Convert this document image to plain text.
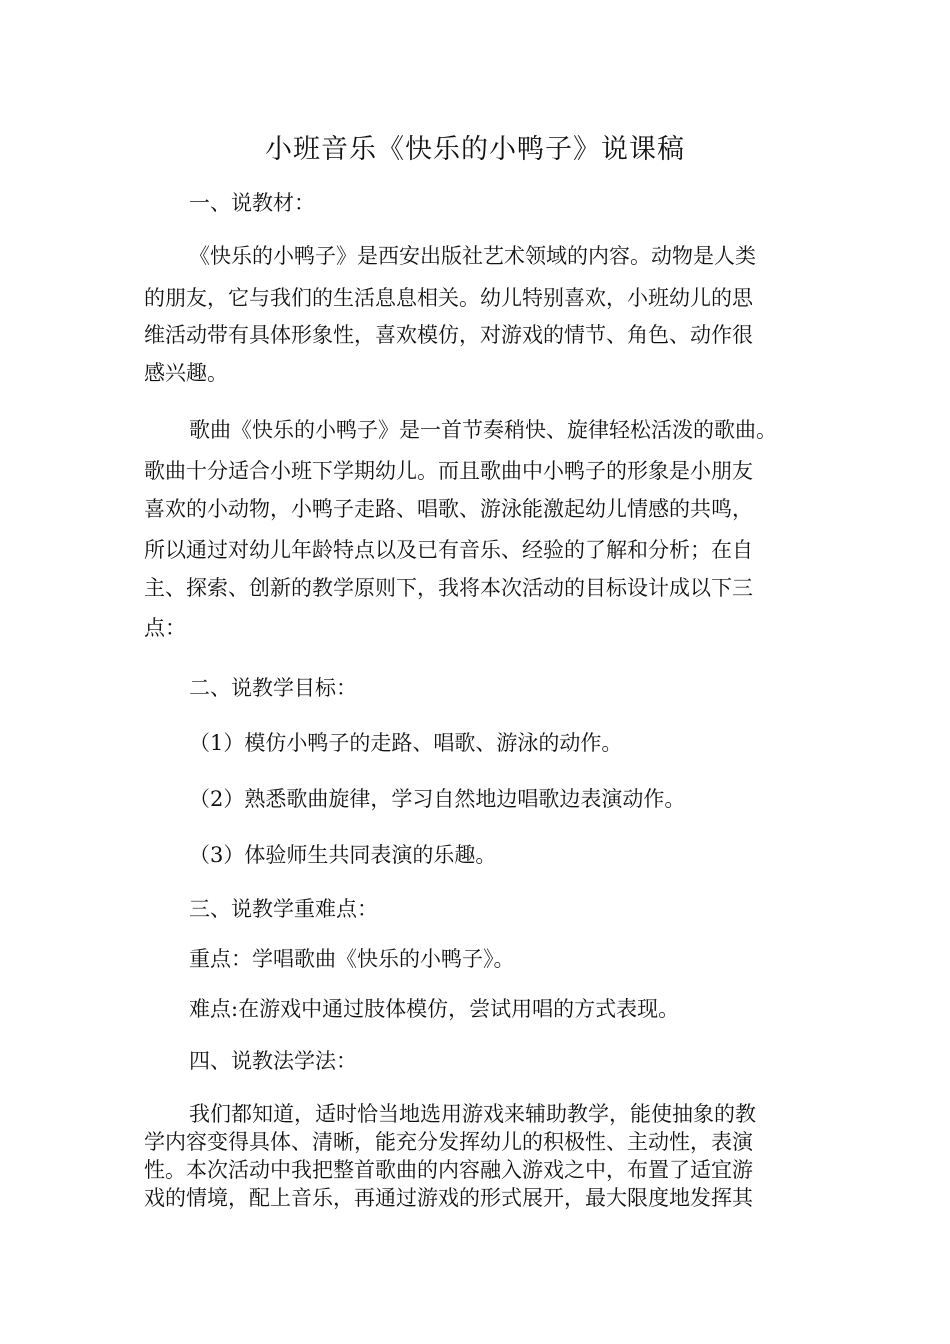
小班音乐《快乐的小鸭子》说课稿

一、说教材：

《快乐的小鸭子》是西安出版社艺术领域的内容。动物是人类

的朋友，它与我们的生活息息相关。幼儿特别喜欢，小班幼儿的思

维活动带有具体形象性，喜欢模仿，对游戏的情节、角色、动作很

感兴趣。

歌曲《快乐的小鸭子》是一首节奏稍快、旋律轻松活泼的歌曲。

歌曲十分适合小班下学期幼儿。而且歌曲中小鸭子的形象是小朋友

喜欢的小动物，小鸭子走路、唱歌、游泳能激起幼儿情感的共鸣，

所以通过对幼儿年龄特点以及已有音乐、经验的了解和分析；在自

主、探索、创新的教学原则下，我将本次活动的目标设计成以下三

点：

二、说教学目标：

（1）模仿小鸭子的走路、唱歌、游泳的动作。

（2）熟悉歌曲旋律，学习自然地边唱歌边表演动作。

（3）体验师生共同表演的乐趣。

三、说教学重难点：

重点：学唱歌曲《快乐的小鸭子》。

难点:在游戏中通过肢体模仿，尝试用唱的方式表现。

四、说教法学法：

我们都知道，适时恰当地选用游戏来辅助教学，能使抽象的教

学内容变得具体、清晰，能充分发挥幼儿的积极性、主动性，表演

性。本次活动中我把整首歌曲的内容融入游戏之中，布置了适宜游

戏的情境，配上音乐，再通过游戏的形式展开，最大限度地发挥其
